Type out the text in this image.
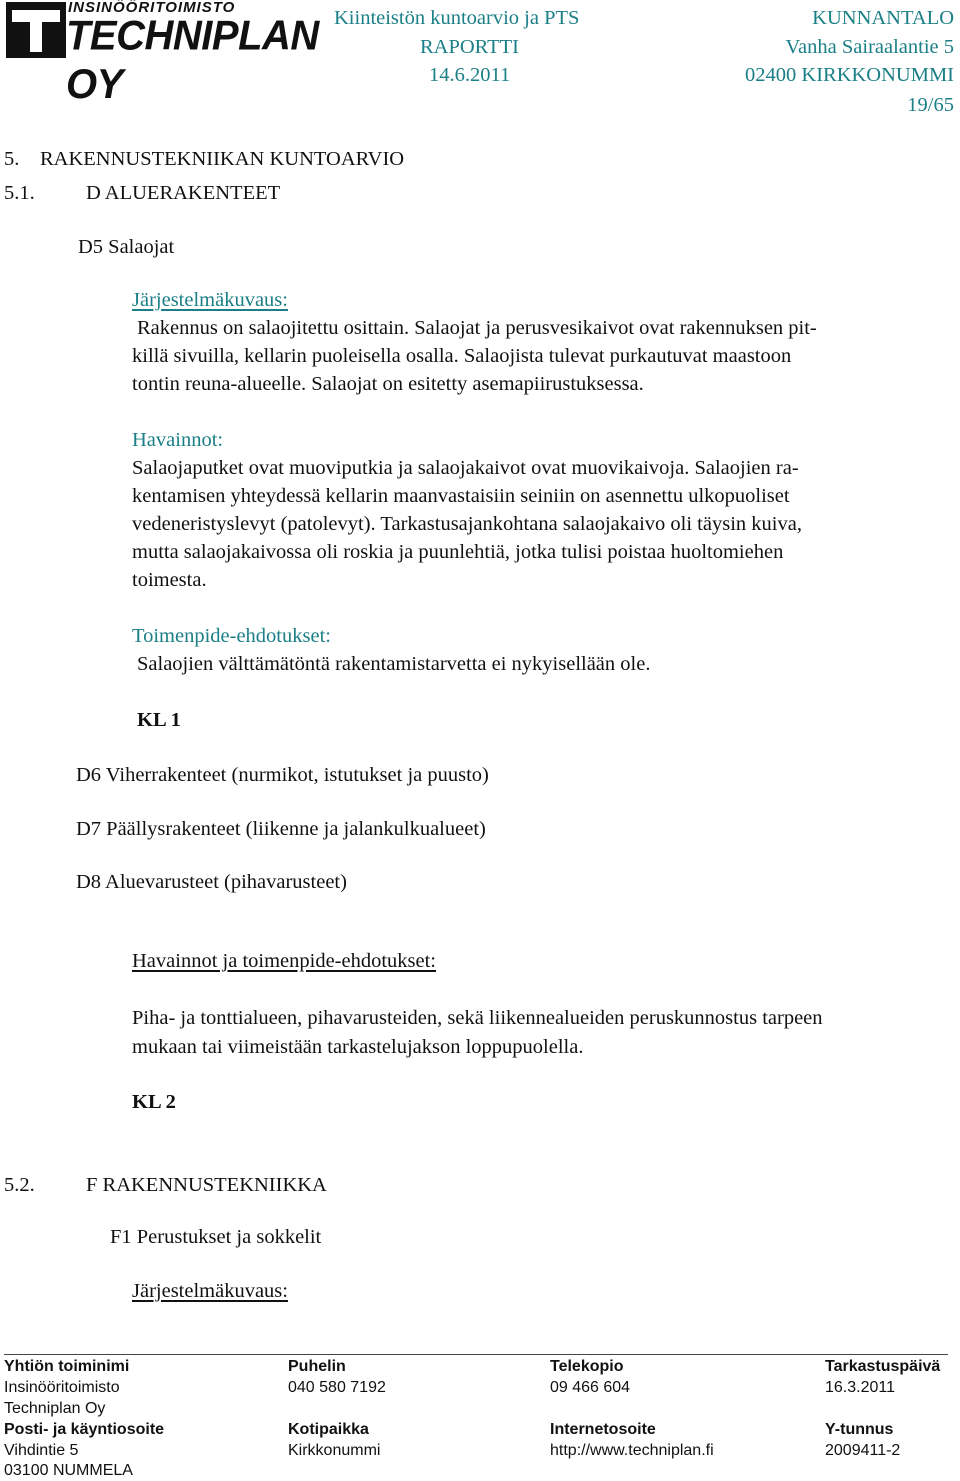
INSINÖÖRITOIMISTO
TECHNIPLAN OY
Kiinteistön kuntoarvio ja PTS
RAPORTTI
14.6.2011
KUNNANTALO
Vanha Sairaalantie 5
02400 KIRKKONUMMI
19/65
5. RAKENNUSTEKNIIKAN KUNTOARVIO
5.1.	D ALUERAKENTEET
D5 Salaojat
Järjestelmäkuvaus:
Rakennus on salaojitettu osittain. Salaojat ja perusvesikaivot ovat rakennuksen pit-
killä sivuilla, kellarin puoleisella osalla. Salaojista tulevat purkautuvat maastoon
tontin reuna-alueelle. Salaojat on esitetty asemapiirustuksessa.
Havainnot:
Salaojaputket ovat muoviputkia ja salaojakaivot ovat muovikaivoja. Salaojien ra-
kentamisen yhteydessä kellarin maanvastaisiin seiniin on asennettu ulkopuoliset
vedeneristyslevyt (patolevyt). Tarkastusajankohtana salaojakaivo oli täysin kuiva,
mutta salaojakaivossa oli roskia ja puunlehtiä, jotka tulisi poistaa huoltomiehen
toimesta.
Toimenpide-ehdotukset:
Salaojien välttämätöntä rakentamistarvetta ei nykyisellään ole.
KL 1
D6 Viherrakenteet (nurmikot, istutukset ja puusto)
D7 Päällysrakenteet (liikenne ja jalankulkualueet)
D8 Aluevarusteet (pihavarusteet)
Havainnot ja toimenpide-ehdotukset:
Piha- ja tonttialueen, pihavarusteiden, sekä liikennealueiden peruskunnostus tarpeen
mukaan tai viimeistään tarkastelujakson loppupuolella.
KL 2
5.2.	F RAKENNUSTEKNIIKKA
F1 Perustukset ja sokkelit
Järjestelmäkuvaus:
Yhtiön toiminimi
Insinööritoimisto
Techniplan Oy
Posti- ja käyntiosoite
Vihdintie 5
03100 NUMMELA
Puhelin
040 580 7192
Kotipaikka
Kirkkonummi
Telekopio
09 466 604
Internetosoite
http://www.techniplan.fi
Tarkastuspäivä
16.3.2011
Y-tunnus
2009411-2
